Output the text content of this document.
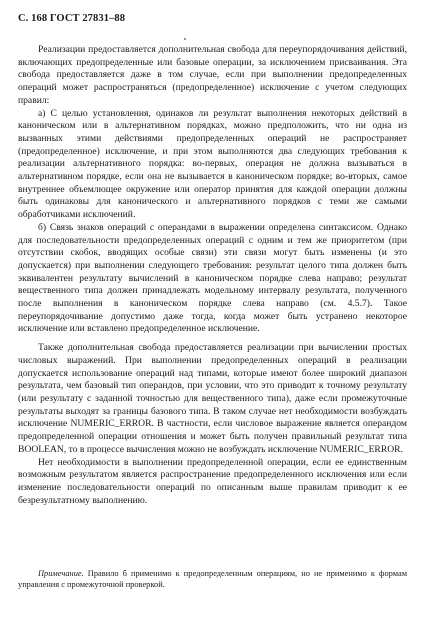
С. 168 ГОСТ 27831–88

Реализации предоставляется дополнительная свобода для переупорядочивания действий, включающих предопределенные или базовые операции, за исключением присваивания. Эта свобода предоставляется даже в том случае, если при выполнении предопределенных операций может распространяться (предопределенное) исключение с учетом следующих правил:

а) С целью установления, одинаков ли результат выполнения некоторых действий в каноническом или в альтернативном порядках, можно предположить, что ни одна из вызванных этими действиями предопределенных операций не распространяет (предопределенное) исключение, и при этом выполняются два следующих требования к реализации альтернативного порядка: во-первых, операция не должна вызываться в альтернативном порядке, если она не вызывается в каноническом порядке; во-вторых, самое внутреннее объемлющее окружение или оператор принятия для каждой операции должны быть одинаковы для канонического и альтернативного порядков с теми же самыми обработчиками исключений.

б) Связь знаков операций с операндами в выражении определена синтаксисом. Однако для последовательности предопределенных операций с одним и тем же приоритетом (при отсутствии скобок, вводящих особые связи) эти связи могут быть изменены (и это допускается) при выполнении следующего требования: результат целого типа должен быть эквивалентен результату вычислений в каноническом порядке слева направо; результат вещественного типа должен принадлежать модельному интервалу результата, полученного после выполнения в каноническом порядке слева направо (см. 4.5.7). Такое переупорядочивание допустимо даже тогда, когда может быть устранено некоторое исключение или вставлено предопределенное исключение.

Также дополнительная свобода предоставляется реализации при вычислении простых числовых выражений. При выполнении предопределенных операций в реализации допускается использование операций над типами, которые имеют более широкий диапазон результата, чем базовый тип операндов, при условии, что это приводит к точному результату (или результату с заданной точностью для вещественного типа), даже если промежуточные результаты выходят за границы базового типа. В таком случае нет необходимости возбуждать исключение NUMERIC_ERROR. В частности, если числовое выражение является операндом предопределенной операции отношения и может быть получен правильный результат типа BOOLEAN, то в процессе вычисления можно не возбуждать исключение NUMERIC_ERROR.

Нет необходимости в выполнении предопределенной операции, если ее единственным возможным результатом является распространение предопределенного исключения или если изменение последовательности операций по описанным выше правилам приводит к ее безрезультатному выполнению.

Примечание. Правило б применимо к предопределенным операциям, но не применимо к формам управления с промежуточной проверкой.
